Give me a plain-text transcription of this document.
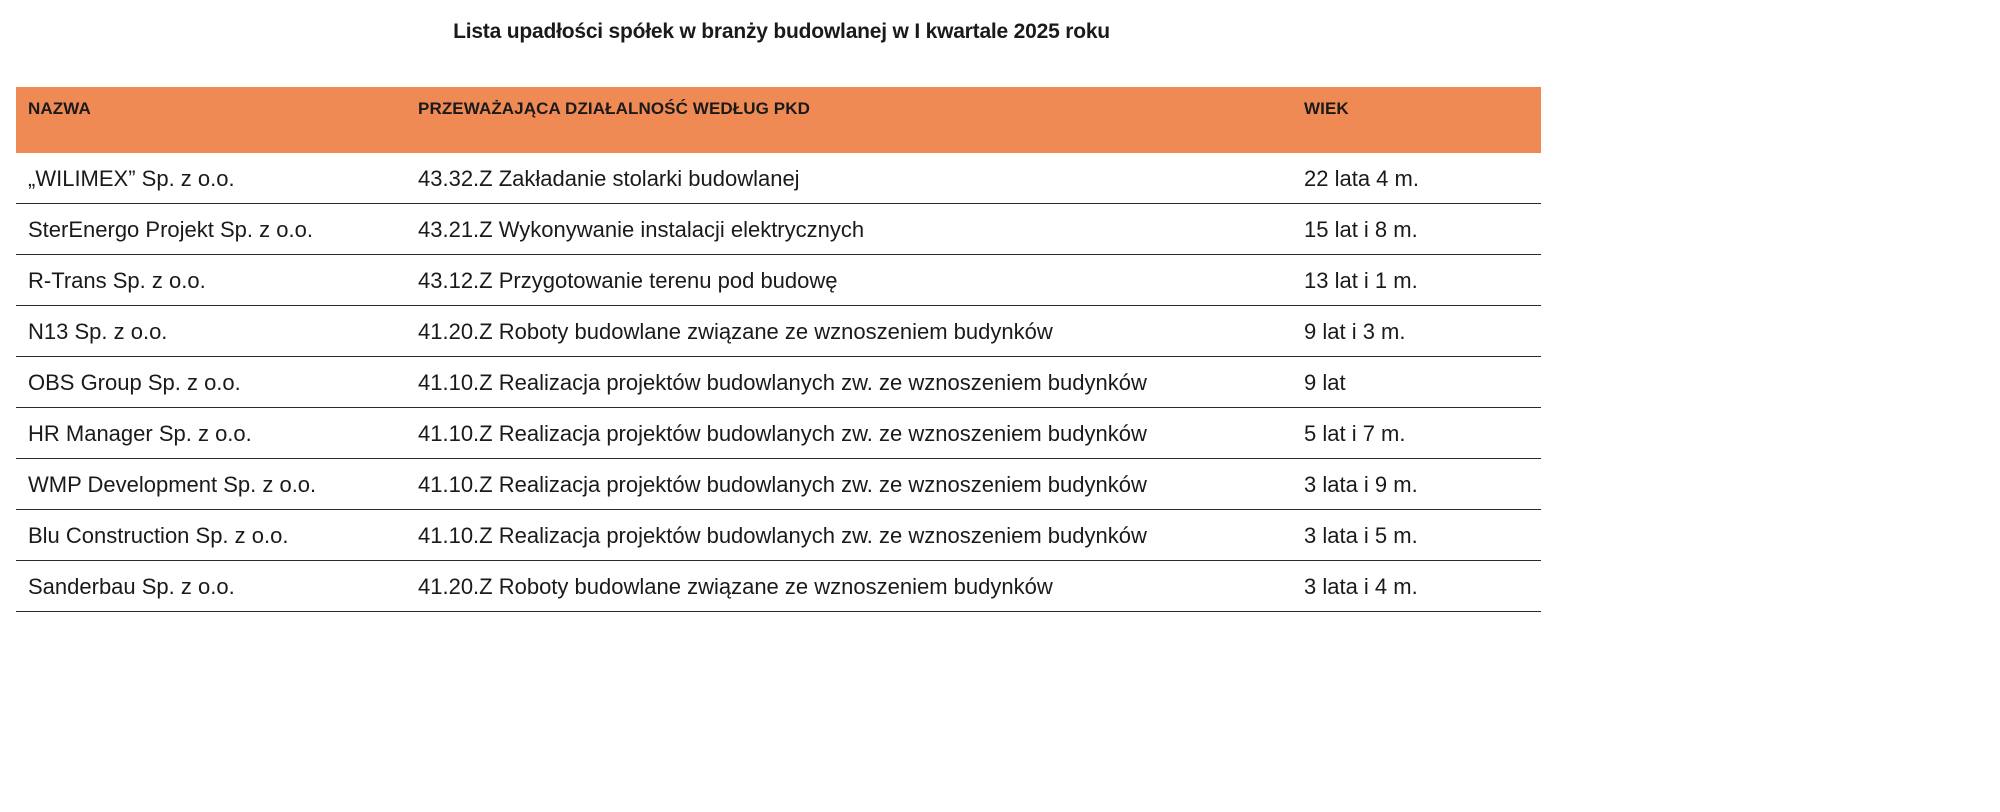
Lista upadłości spółek w branży budowlanej w I kwartale 2025 roku
NAZWA	PRZEWAŻAJĄCA DZIAŁALNOŚĆ WEDŁUG PKD	WIEK
„WILIMEX” Sp. z o.o.	43.32.Z Zakładanie stolarki budowlanej	22 lata 4 m.
SterEnergo Projekt Sp. z o.o.	43.21.Z Wykonywanie instalacji elektrycznych	15 lat i 8 m.
R-Trans Sp. z o.o.	43.12.Z Przygotowanie terenu pod budowę	13 lat i 1 m.
N13 Sp. z o.o.	41.20.Z Roboty budowlane związane ze wznoszeniem budynków	9 lat i 3 m.
OBS Group Sp. z o.o.	41.10.Z Realizacja projektów budowlanych zw. ze wznoszeniem budynków	9 lat
HR Manager Sp. z o.o.	41.10.Z Realizacja projektów budowlanych zw. ze wznoszeniem budynków	5 lat i 7 m.
WMP Development Sp. z o.o.	41.10.Z Realizacja projektów budowlanych zw. ze wznoszeniem budynków	3 lata i 9 m.
Blu Construction Sp. z o.o.	41.10.Z Realizacja projektów budowlanych zw. ze wznoszeniem budynków	3 lata i 5 m.
Sanderbau Sp. z o.o.	41.20.Z Roboty budowlane związane ze wznoszeniem budynków	3 lata i 4 m.
